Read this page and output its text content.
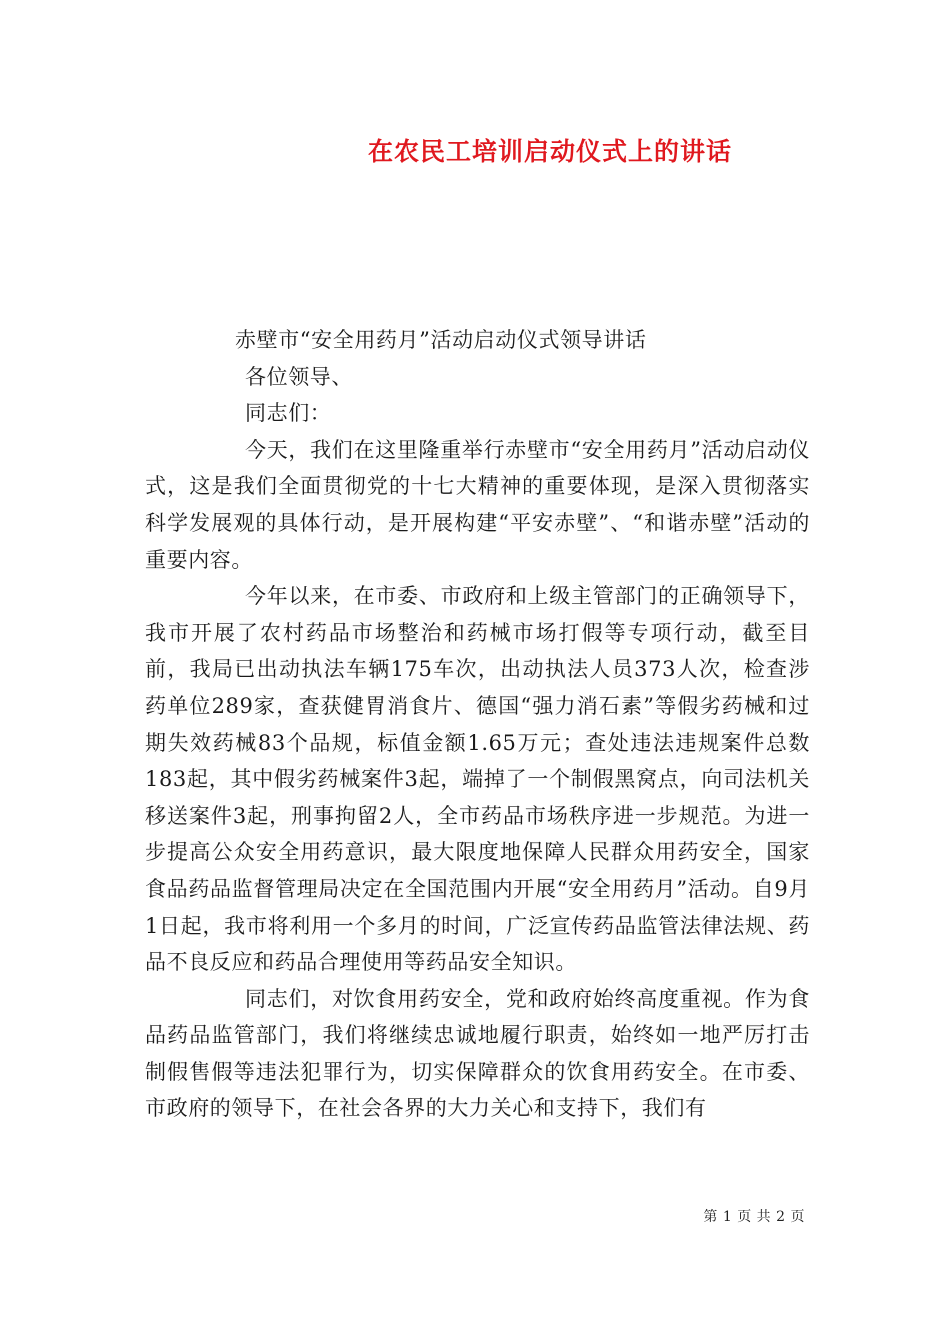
在农民工培训启动仪式上的讲话

赤壁市“安全用药月”活动启动仪式领导讲话

各位领导、

同志们：

今天，我们在这里隆重举行赤壁市“安全用药月”活动启动仪式，这是我们全面贯彻党的十七大精神的重要体现，是深入贯彻落实科学发展观的具体行动，是开展构建“平安赤壁”、“和谐赤壁”活动的重要内容。

今年以来，在市委、市政府和上级主管部门的正确领导下，我市开展了农村药品市场整治和药械市场打假等专项行动，截至目前，我局已出动执法车辆175车次，出动执法人员373人次，检查涉药单位289家，查获健胃消食片、德国“强力消石素”等假劣药械和过期失效药械83个品规，标值金额1.65万元；查处违法违规案件总数183起，其中假劣药械案件3起，端掉了一个制假黑窝点，向司法机关移送案件3起，刑事拘留2人，全市药品市场秩序进一步规范。为进一步提高公众安全用药意识，最大限度地保障人民群众用药安全，国家食品药品监督管理局决定在全国范围内开展“安全用药月”活动。自9月1日起，我市将利用一个多月的时间，广泛宣传药品监管法律法规、药品不良反应和药品合理使用等药品安全知识。

同志们，对饮食用药安全，党和政府始终高度重视。作为食品药品监管部门，我们将继续忠诚地履行职责，始终如一地严厉打击制假售假等违法犯罪行为，切实保障群众的饮食用药安全。在市委、市政府的领导下，在社会各界的大力关心和支持下，我们有

第 1 页 共 2 页
